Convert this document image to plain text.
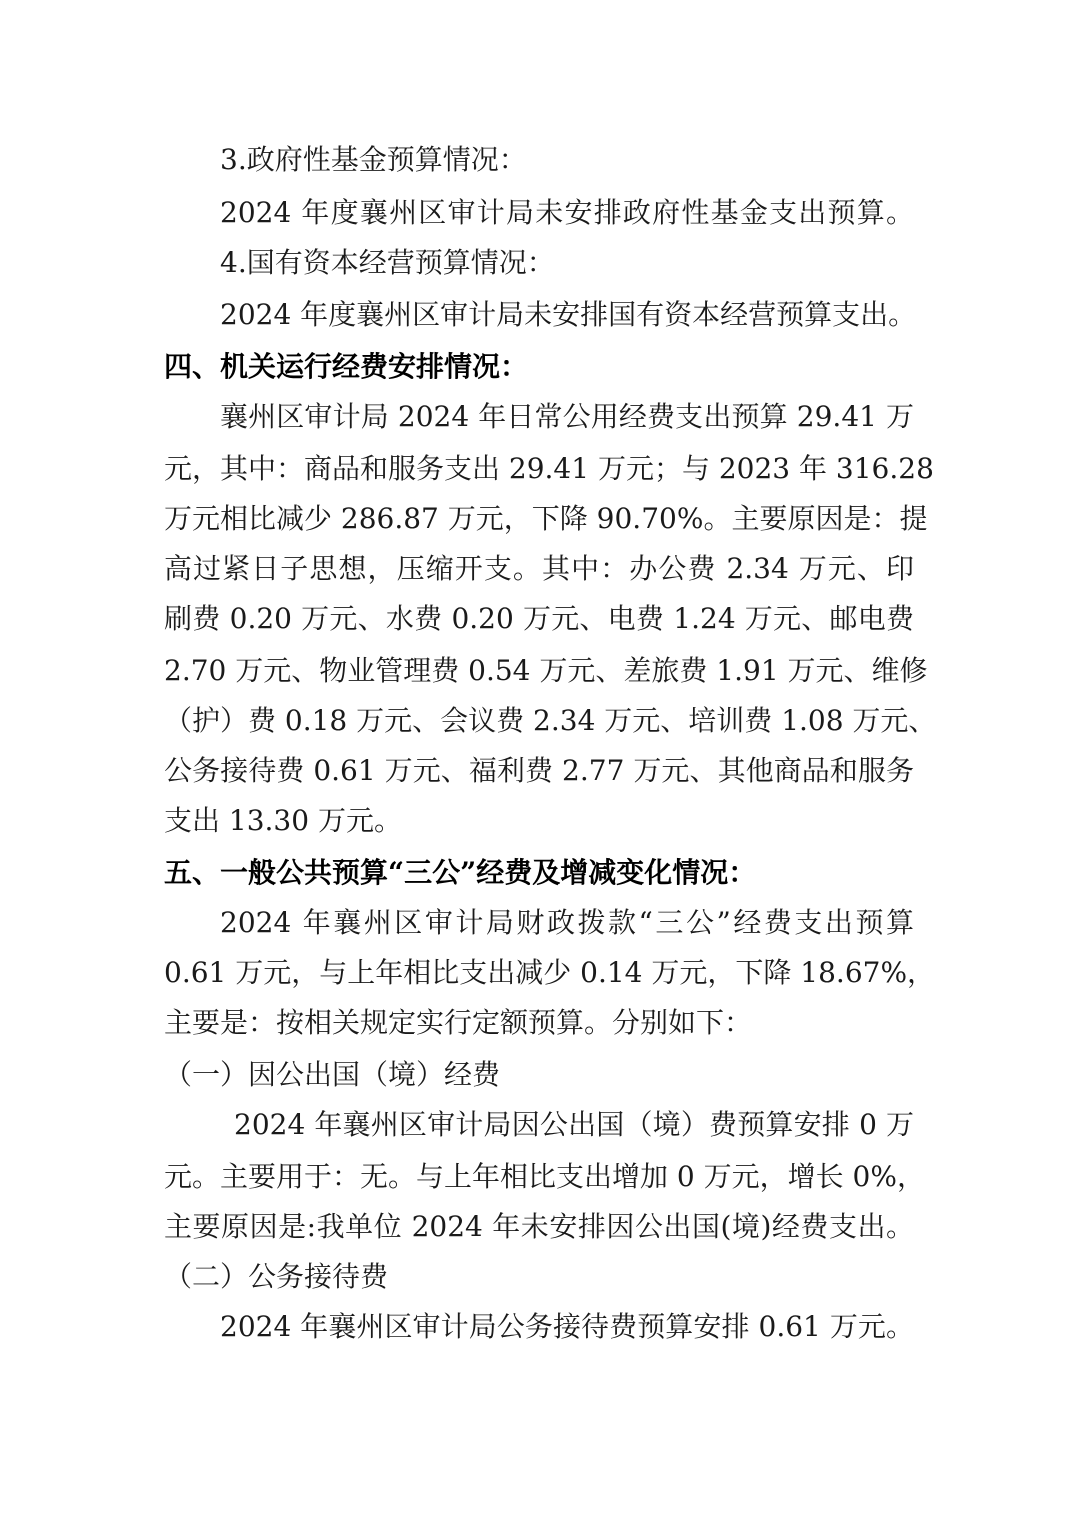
3.政府性基金预算情况：
2024 年度襄州区审计局未安排政府性基金支出预算。
4.国有资本经营预算情况：
2024 年度襄州区审计局未安排国有资本经营预算支出。
四、机关运行经费安排情况：
襄州区审计局 2024 年日常公用经费支出预算 29.41 万
元，其中：商品和服务支出 29.41 万元；与 2023 年 316.28
万元相比减少 286.87 万元，下降 90.70%。主要原因是：提
高过紧日子思想，压缩开支。其中：办公费 2.34 万元、印
刷费 0.20 万元、水费 0.20 万元、电费 1.24 万元、邮电费
2.70 万元、物业管理费 0.54 万元、差旅费 1.91 万元、维修
（护）费 0.18 万元、会议费 2.34 万元、培训费 1.08 万元、
公务接待费 0.61 万元、福利费 2.77 万元、其他商品和服务
支出 13.30 万元。
五、一般公共预算“三公”经费及增减变化情况：
2024 年襄州区审计局财政拨款“三公”经费支出预算
0.61 万元，与上年相比支出减少 0.14 万元，下降 18.67%，
主要是：按相关规定实行定额预算。分别如下：
（一）因公出国（境）经费
2024 年襄州区审计局因公出国（境）费预算安排 0 万
元。主要用于：无。与上年相比支出增加 0 万元，增长 0%，
主要原因是:我单位 2024 年未安排因公出国(境)经费支出。
（二）公务接待费
2024 年襄州区审计局公务接待费预算安排 0.61 万元。
